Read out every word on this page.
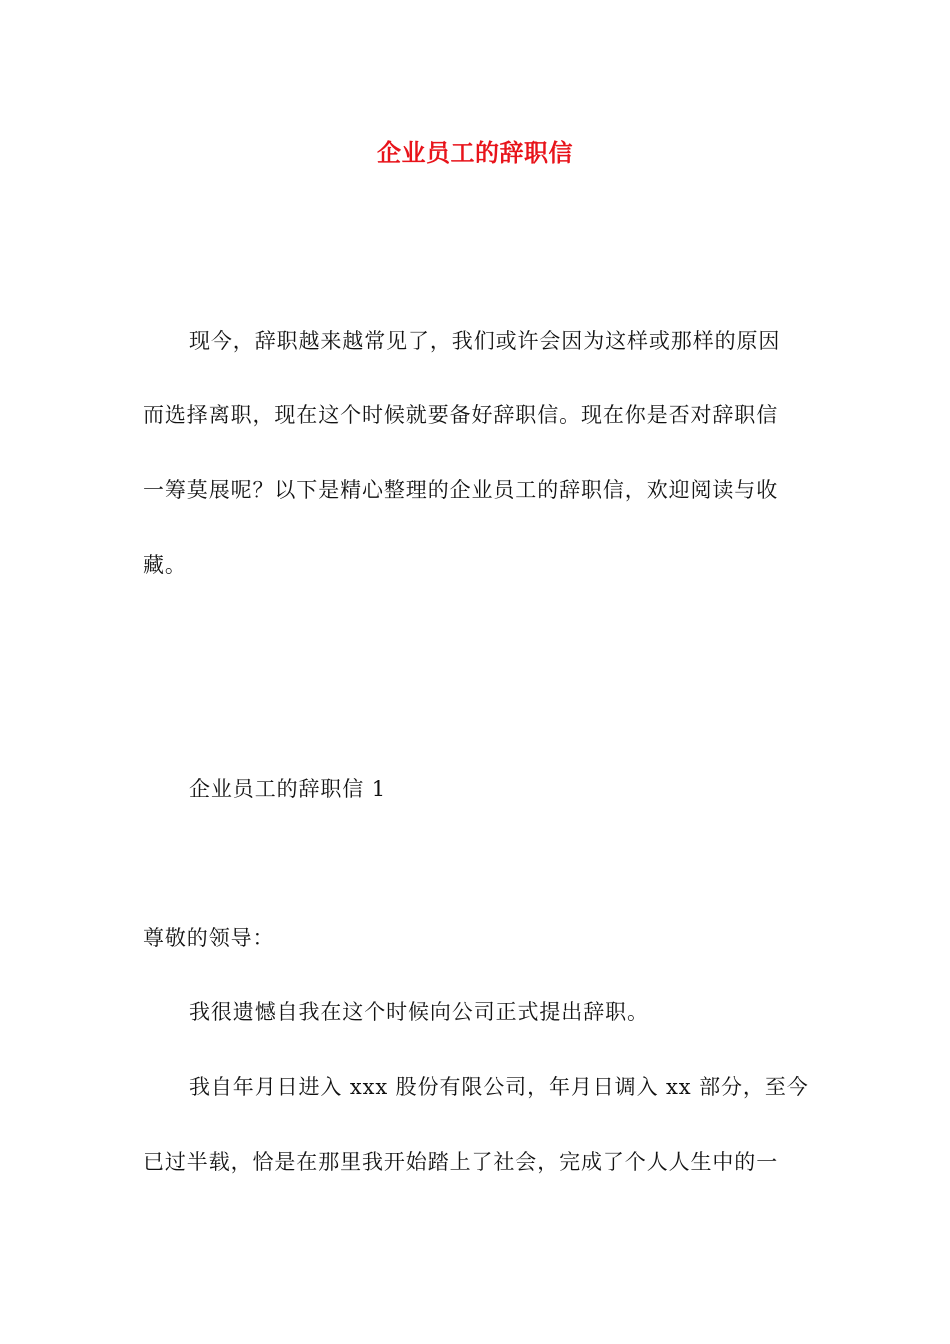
企业员工的辞职信
现今，辞职越来越常见了，我们或许会因为这样或那样的原因
而选择离职，现在这个时候就要备好辞职信。现在你是否对辞职信
一筹莫展呢？以下是精心整理的企业员工的辞职信，欢迎阅读与收
藏。
企业员工的辞职信 1
尊敬的领导：
我很遗憾自我在这个时候向公司正式提出辞职。
我自年月日进入 xxx 股份有限公司，年月日调入 xx 部分，至今
已过半载，恰是在那里我开始踏上了社会，完成了个人人生中的一
